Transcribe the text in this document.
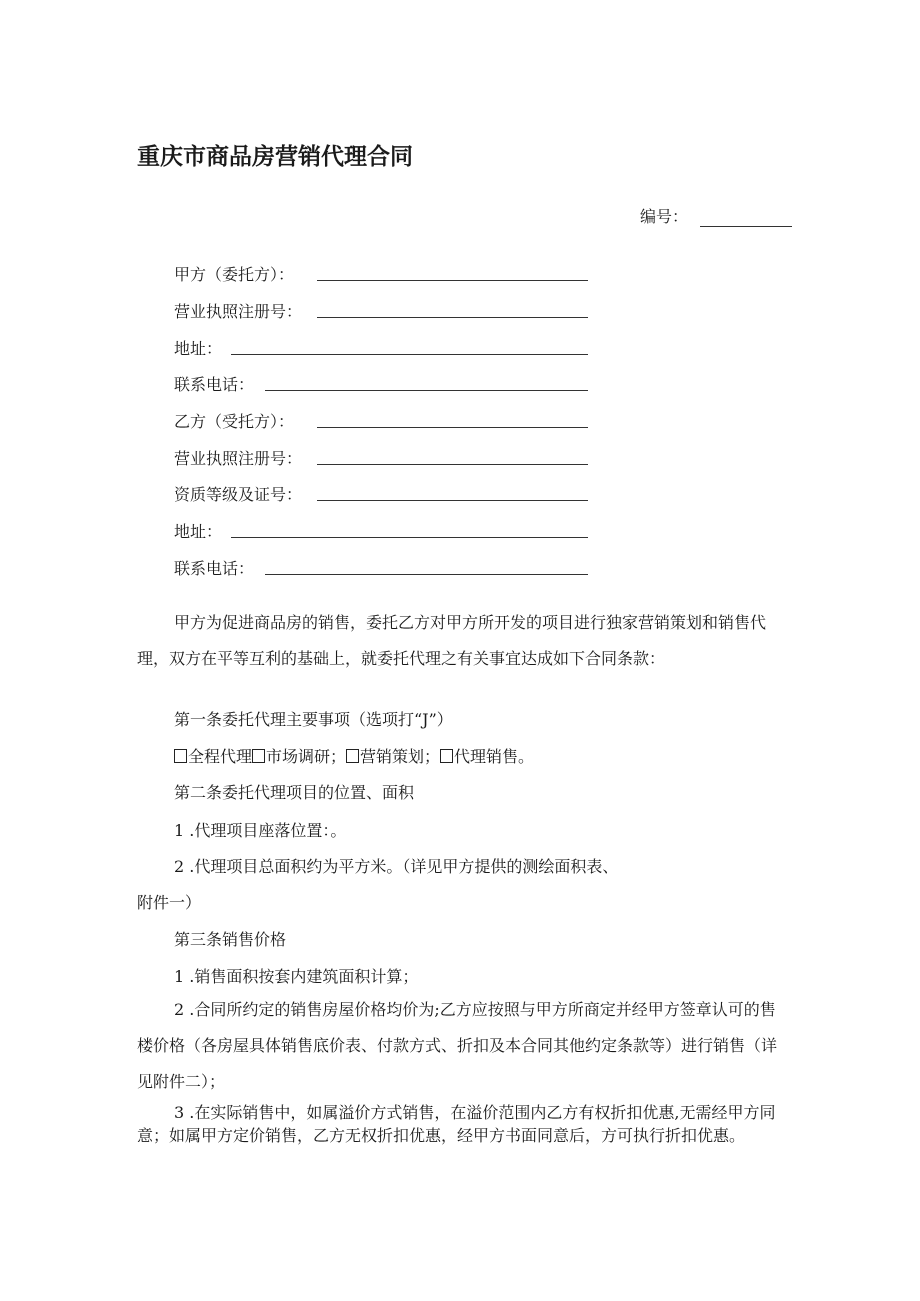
重庆市商品房营销代理合同
编号：
甲方（委托方）：
营业执照注册号：
地址：
联系电话：
乙方（受托方）：
营业执照注册号：
资质等级及证号：
地址：
联系电话：
甲方为促进商品房的销售，委托乙方对甲方所开发的项目进行独家营销策划和销售代理，双方在平等互利的基础上，就委托代理之有关事宜达成如下合同条款：
第一条委托代理主要事项（选项打“J”）
全程代理 市场调研； 营销策划； 代理销售。
第二条委托代理项目的位置、面积
1 .代理项目座落位置：。
2 .代理项目总面积约为平方米。（详见甲方提供的测绘面积表、
附件一）
第三条销售价格
1 .销售面积按套内建筑面积计算；
2 .合同所约定的销售房屋价格均价为;乙方应按照与甲方所商定并经甲方签章认可的售楼价格（各房屋具体销售底价表、付款方式、折扣及本合同其他约定条款等）进行销售（详见附件二）；
3 .在实际销售中，如属溢价方式销售，在溢价范围内乙方有权折扣优惠,无需经甲方同意；如属甲方定价销售，乙方无权折扣优惠，经甲方书面同意后，方可执行折扣优惠。
